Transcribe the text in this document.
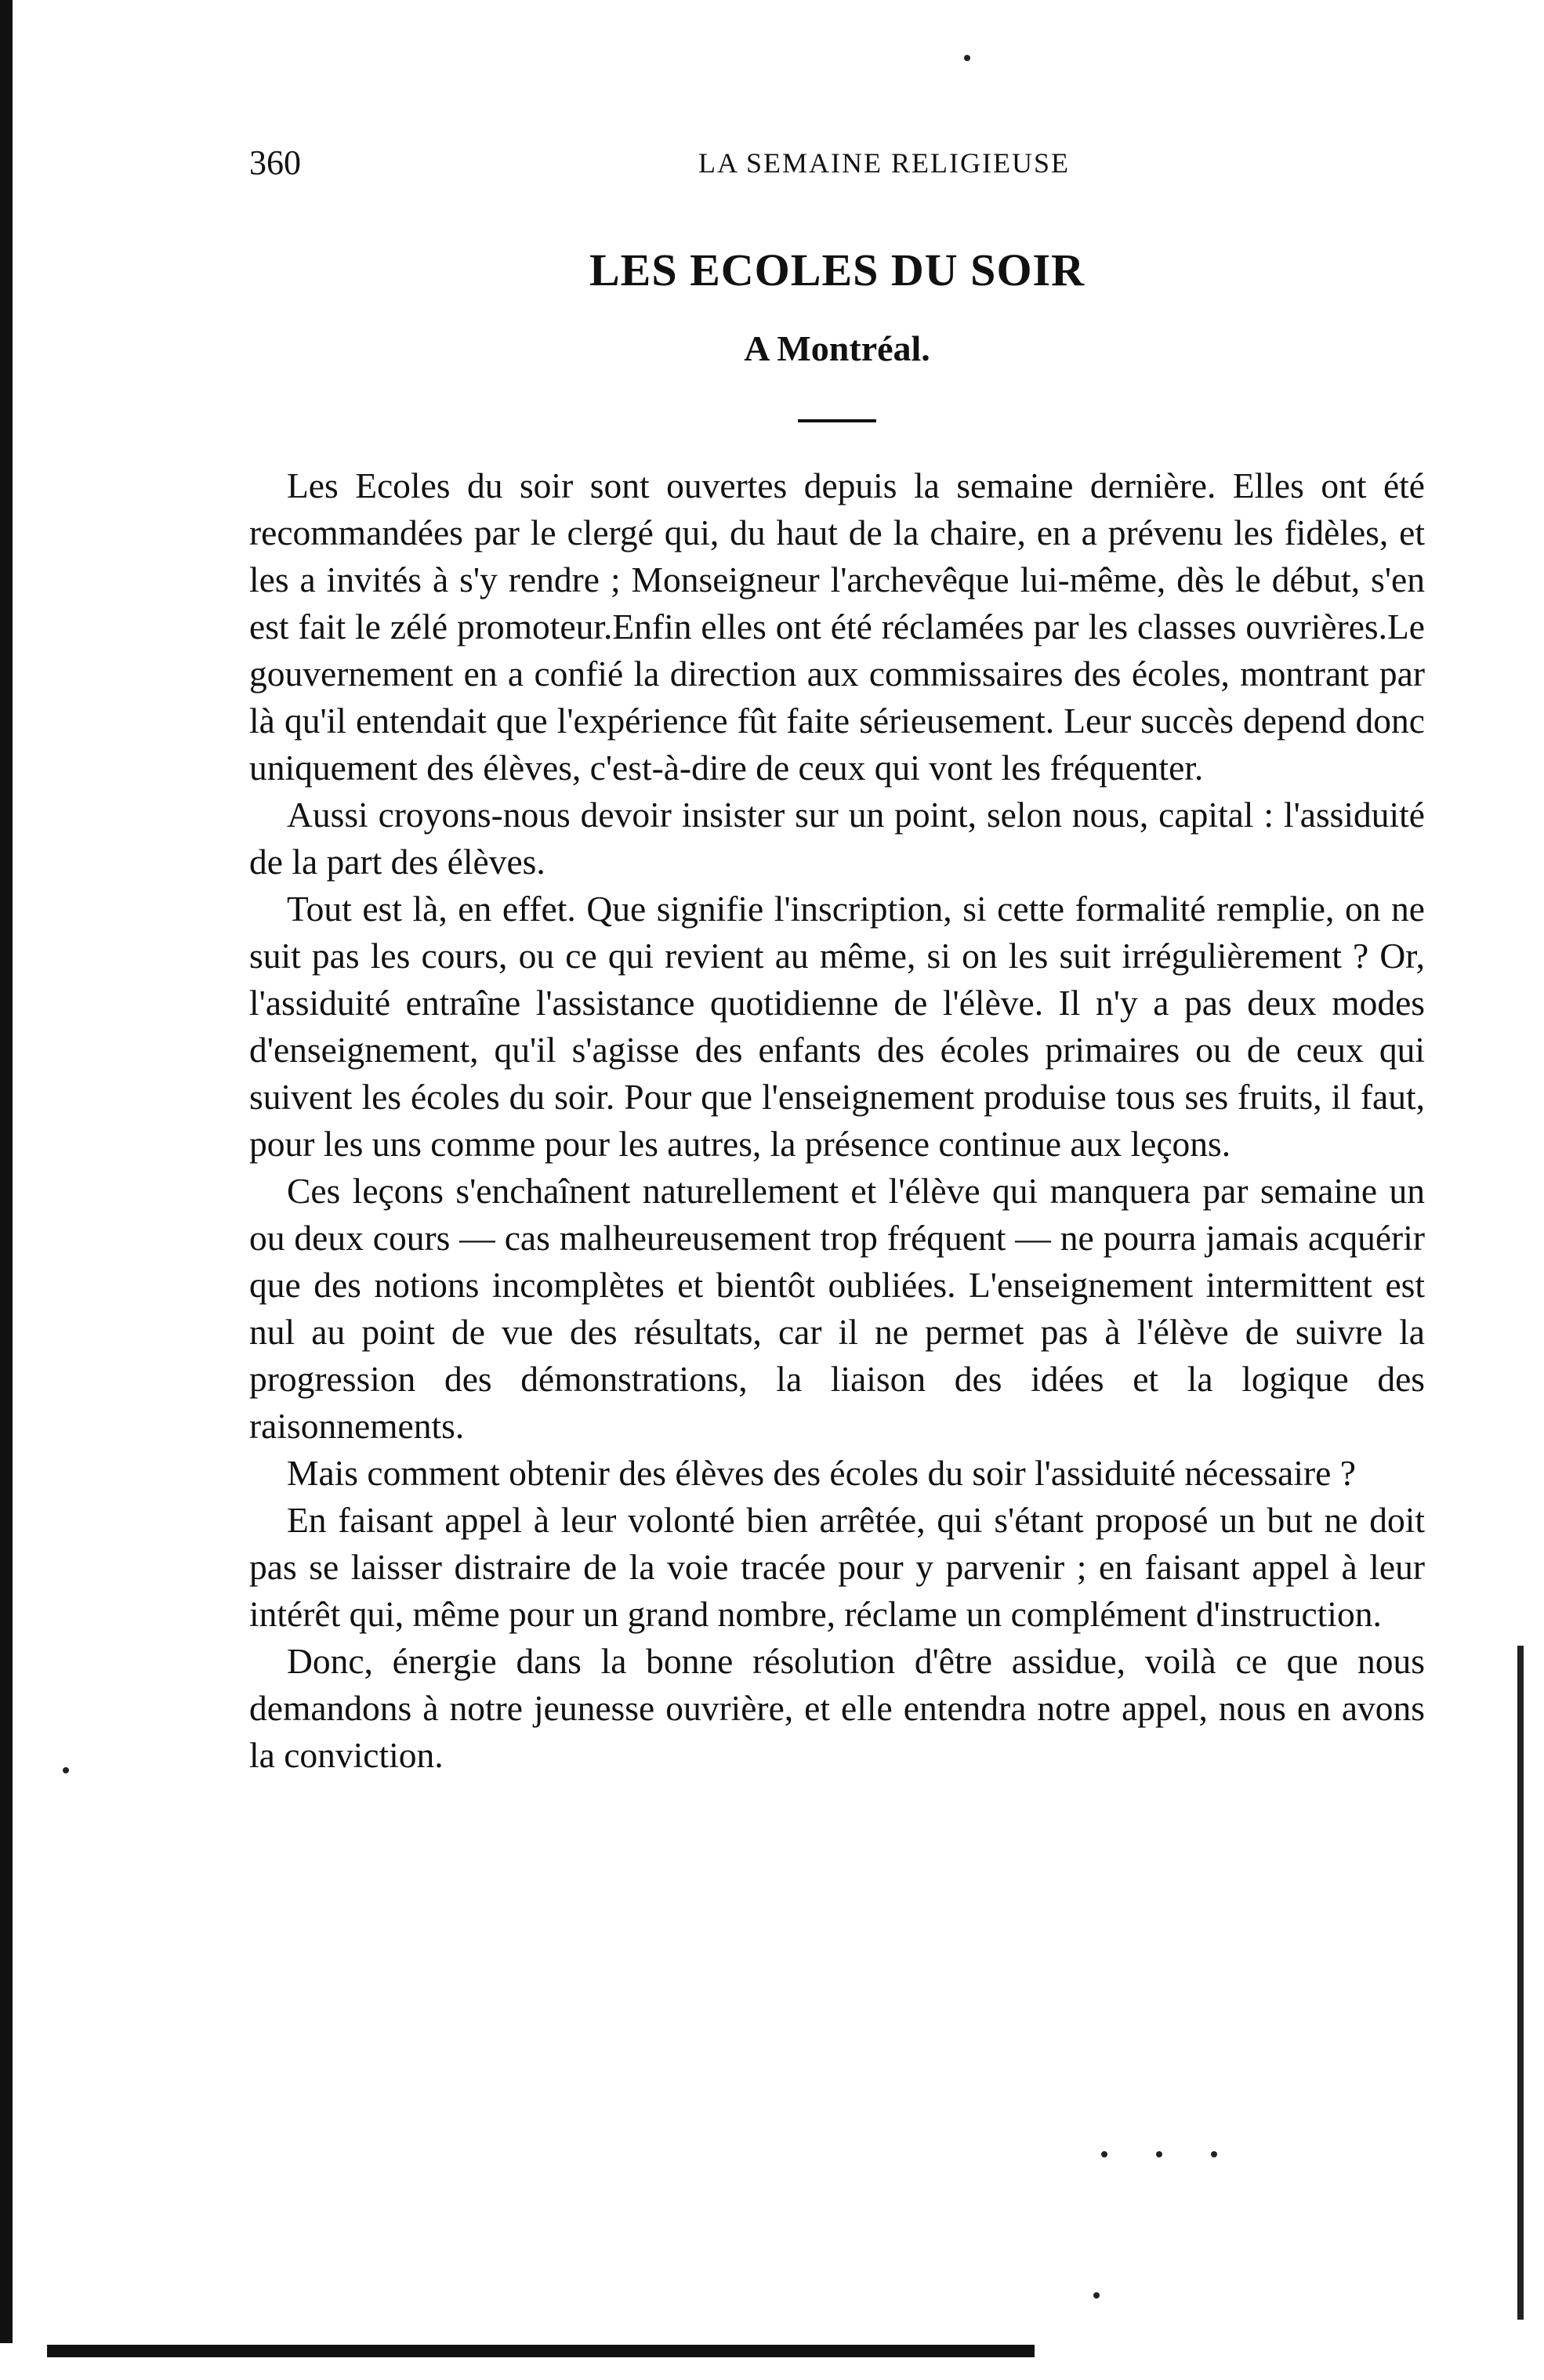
360	LA SEMAINE RELIGIEUSE
LES ECOLES DU SOIR
A Montréal.

Les Ecoles du soir sont ouvertes depuis la semaine dernière. Elles ont été recommandées par le clergé qui, du haut de la chaire, en a prévenu les fidèles, et les a invités à s'y rendre ; Monseigneur l'archevêque lui-même, dès le début, s'en est fait le zélé promoteur.Enfin elles ont été réclamées par les classes ouvrières.Le gouvernement en a confié la direction aux commissaires des écoles, montrant par là qu'il entendait que l'expérience fût faite sérieusement. Leur succès depend donc uniquement des élèves, c'est-à-dire de ceux qui vont les fréquenter.

Aussi croyons-nous devoir insister sur un point, selon nous, capital : l'assiduité de la part des élèves.

Tout est là, en effet. Que signifie l'inscription, si cette formalité remplie, on ne suit pas les cours, ou ce qui revient au même, si on les suit irrégulièrement ? Or, l'assiduité entraîne l'assistance quotidienne de l'élève. Il n'y a pas deux modes d'enseignement, qu'il s'agisse des enfants des écoles primaires ou de ceux qui suivent les écoles du soir. Pour que l'enseignement produise tous ses fruits, il faut, pour les uns comme pour les autres, la présence continue aux leçons.

Ces leçons s'enchaînent naturellement et l'élève qui manquera par semaine un ou deux cours — cas malheureusement trop fréquent — ne pourra jamais acquérir que des notions incomplètes et bientôt oubliées. L'enseignement intermittent est nul au point de vue des résultats, car il ne permet pas à l'élève de suivre la progression des démonstrations, la liaison des idées et la logique des raisonnements.

Mais comment obtenir des élèves des écoles du soir l'assiduité nécessaire ?

En faisant appel à leur volonté bien arrêtée, qui s'étant proposé un but ne doit pas se laisser distraire de la voie tracée pour y parvenir ; en faisant appel à leur intérêt qui, même pour un grand nombre, réclame un complément d'instruction.

Donc, énergie dans la bonne résolution d'être assidue, voilà ce que nous demandons à notre jeunesse ouvrière, et elle entendra notre appel, nous en avons la conviction.
